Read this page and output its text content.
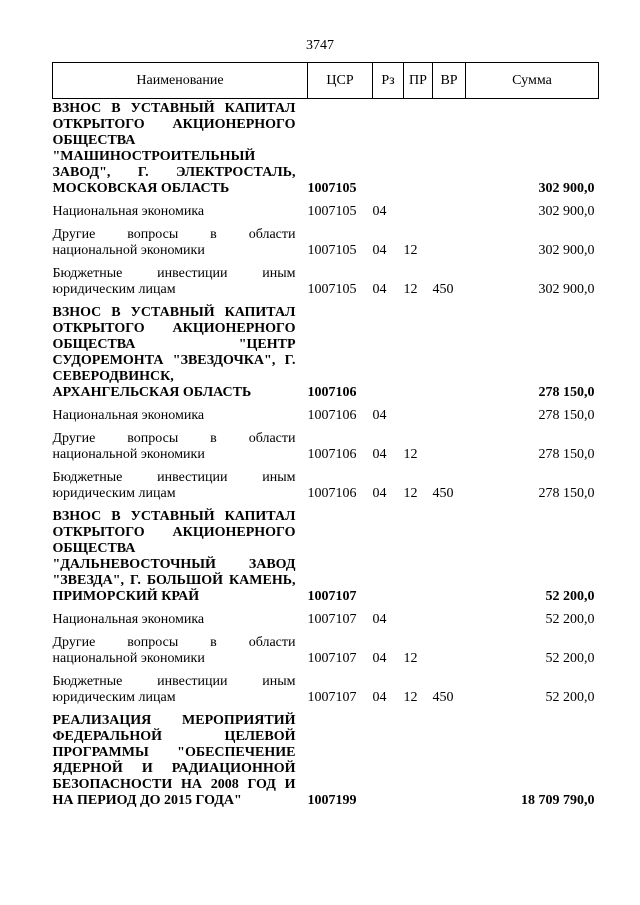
3747
Наименование	ЦСР	Рз	ПР	ВР	Сумма
ВЗНОС В УСТАВНЫЙ КАПИТАЛ ОТКРЫТОГО АКЦИОНЕРНОГО ОБЩЕСТВА "МАШИНОСТРОИТЕЛЬНЫЙ ЗАВОД", Г. ЭЛЕКТРОСТАЛЬ, МОСКОВСКАЯ ОБЛАСТЬ	1007105				302 900,0
Национальная экономика	1007105	04			302 900,0
Другие вопросы в области национальной экономики	1007105	04	12		302 900,0
Бюджетные инвестиции иным юридическим лицам	1007105	04	12	450	302 900,0
ВЗНОС В УСТАВНЫЙ КАПИТАЛ ОТКРЫТОГО АКЦИОНЕРНОГО ОБЩЕСТВА "ЦЕНТР СУДОРЕМОНТА "ЗВЕЗДОЧКА", Г. СЕВЕРОДВИНСК, АРХАНГЕЛЬСКАЯ ОБЛАСТЬ	1007106				278 150,0
Национальная экономика	1007106	04			278 150,0
Другие вопросы в области национальной экономики	1007106	04	12		278 150,0
Бюджетные инвестиции иным юридическим лицам	1007106	04	12	450	278 150,0
ВЗНОС В УСТАВНЫЙ КАПИТАЛ ОТКРЫТОГО АКЦИОНЕРНОГО ОБЩЕСТВА "ДАЛЬНЕВОСТОЧНЫЙ ЗАВОД "ЗВЕЗДА", Г. БОЛЬШОЙ КАМЕНЬ, ПРИМОРСКИЙ КРАЙ	1007107				52 200,0
Национальная экономика	1007107	04			52 200,0
Другие вопросы в области национальной экономики	1007107	04	12		52 200,0
Бюджетные инвестиции иным юридическим лицам	1007107	04	12	450	52 200,0
РЕАЛИЗАЦИЯ МЕРОПРИЯТИЙ ФЕДЕРАЛЬНОЙ ЦЕЛЕВОЙ ПРОГРАММЫ "ОБЕСПЕЧЕНИЕ ЯДЕРНОЙ И РАДИАЦИОННОЙ БЕЗОПАСНОСТИ НА 2008 ГОД И НА ПЕРИОД ДО 2015 ГОДА"	1007199				18 709 790,0
